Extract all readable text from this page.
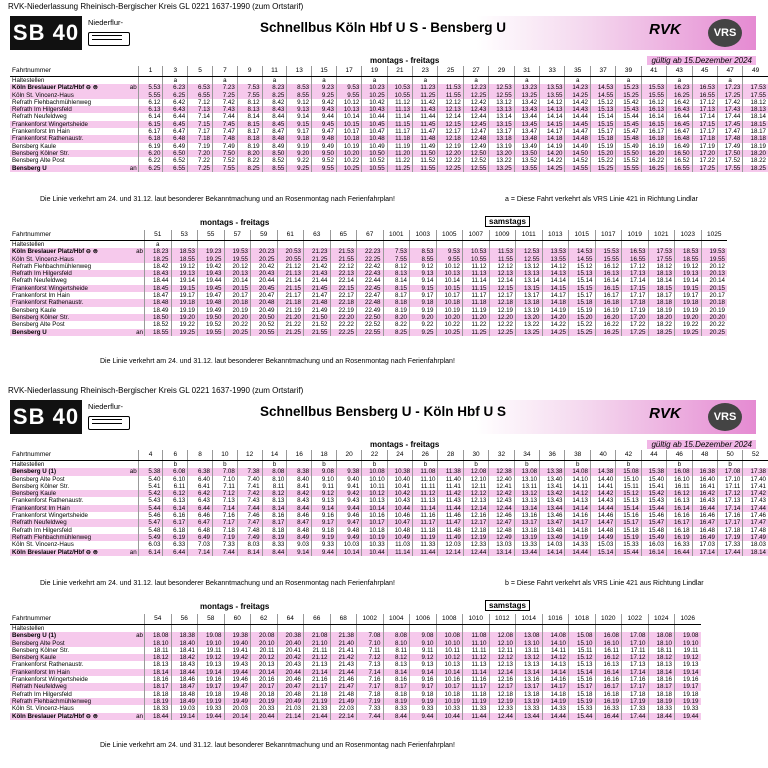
RVK-Niederlassung Rheinisch-Bergischer Kreis GL 0221 1637-1990 (zum Ortstarif)
SB 40	Niederflur-	Schnellbus Köln Hbf U S - Bensberg U	RVK	VRS
gültig ab 15.Dezember 2024
montags - freitags
Fahrtnummer		1	3	5	7	9	11	13	15	17	19	21	23	25	27	29	31	33	35	37	39	41	43	45	47	49
Haltestellen			a		a		a		a		a		a		a		a		a		a		a		a	
Köln Breslauer Platz/Hbf ⊖ ⊜	ab	5.53	6.23	6.53	7.23	7.53	8.23	8.53	9.23	9.53	10.23	10.53	11.23	11.53	12.23	12.53	13.23	13.53	14.23	14.53	15.23	15.53	16.23	16.53	17.23	17.53
Köln St. Vincenz-Haus		5.55	6.25	6.55	7.25	7.55	8.25	8.55	9.25	9.55	10.25	10.55	11.25	11.55	12.25	12.55	13.25	13.55	14.25	14.55	15.25	15.55	16.25	16.55	17.25	17.55
Refrath Flehbachmühlenweg		6.12	6.42	7.12	7.42	8.12	8.42	9.12	9.42	10.12	10.42	11.12	11.42	12.12	12.42	13.12	13.42	14.12	14.42	15.12	15.42	16.12	16.42	17.12	17.42	18.12
Refrath Im Hilgersfeld		6.13	6.43	7.13	7.43	8.13	8.43	9.13	9.43	10.13	10.43	11.13	11.43	12.13	12.43	13.13	13.43	14.13	14.43	15.13	15.43	16.13	16.43	17.13	17.43	18.13
Refrath Neufeldweg		6.14	6.44	7.14	7.44	8.14	8.44	9.14	9.44	10.14	10.44	11.14	11.44	12.14	12.44	13.14	13.44	14.14	14.44	15.14	15.44	16.14	16.44	17.14	17.44	18.14
Frankenforst Wingertsheide		6.15	6.45	7.15	7.45	8.15	8.45	9.15	9.45	10.15	10.45	11.15	11.45	12.15	12.45	13.15	13.45	14.15	14.45	15.15	15.45	16.15	16.45	17.15	17.45	18.15
Frankenforst Im Hain		6.17	6.47	7.17	7.47	8.17	8.47	9.17	9.47	10.17	10.47	11.17	11.47	12.17	12.47	13.17	13.47	14.17	14.47	15.17	15.47	16.17	16.47	17.17	17.47	18.17
Frankenforst Rathenaustr.		6.18	6.48	7.18	7.48	8.18	8.48	9.18	9.48	10.18	10.48	11.18	11.48	12.18	12.48	13.18	13.48	14.18	14.48	15.18	15.48	16.18	16.48	17.18	17.48	18.18
Bensberg Kaule		6.19	6.49	7.19	7.49	8.19	8.49	9.19	9.49	10.19	10.49	11.19	11.49	12.19	12.49	13.19	13.49	14.19	14.49	15.19	15.49	16.19	16.49	17.19	17.49	18.19
Bensberg Kölner Str.		6.20	6.50	7.20	7.50	8.20	8.50	9.20	9.50	10.20	10.50	11.20	11.50	12.20	12.50	13.20	13.50	14.20	14.50	15.20	15.50	16.20	16.50	17.20	17.50	18.20
Bensberg Alte Post		6.22	6.52	7.22	7.52	8.22	8.52	9.22	9.52	10.22	10.52	11.22	11.52	12.22	12.52	13.22	13.52	14.22	14.52	15.22	15.52	16.22	16.52	17.22	17.52	18.22
Bensberg U	an	6.25	6.55	7.25	7.55	8.25	8.55	9.25	9.55	10.25	10.55	11.25	11.55	12.25	12.55	13.25	13.55	14.25	14.55	15.25	15.55	16.25	16.55	17.25	17.55	18.25
Die Linie verkehrt am 24. und 31.12. laut besonderer Bekanntmachung und an Rosenmontag nach Ferienfahrplan!	a = Diese Fahrt verkehrt als VRS Linie 421 in Richtung Lindlar
montags - freitags	samstags
Fahrtnummer		51	53	55	57	59	61	63	65	67	1001	1003	1005	1007	1009	1011	1013	1015	1017	1019	1021	1023	1025
Haltestellen		a																					
Köln Breslauer Platz/Hbf ⊖ ⊜	ab	18.23	18.53	19.23	19.53	20.23	20.53	21.23	21.53	22.23	7.53	8.53	9.53	10.53	11.53	12.53	13.53	14.53	15.53	16.53	17.53	18.53	19.53
Köln St. Vincenz-Haus		18.25	18.55	19.25	19.55	20.25	20.55	21.25	21.55	22.25	7.55	8.55	9.55	10.55	11.55	12.55	13.55	14.55	15.55	16.55	17.55	18.55	19.55
Refrath Flehbachmühlenweg		18.42	19.12	19.42	20.12	20.42	21.12	21.42	22.12	22.42	8.12	9.12	10.12	11.12	12.12	13.12	14.12	15.12	16.12	17.12	18.12	19.12	20.12
Refrath Im Hilgersfeld		18.43	19.13	19.43	20.13	20.43	21.13	21.43	22.13	22.43	8.13	9.13	10.13	11.13	12.13	13.13	14.13	15.13	16.13	17.13	18.13	19.13	20.13
Refrath Neufeldweg		18.44	19.14	19.44	20.14	20.44	21.14	21.44	22.14	22.44	8.14	9.14	10.14	11.14	12.14	13.14	14.14	15.14	16.14	17.14	18.14	19.14	20.14
Frankenforst Wingertsheide		18.45	19.15	19.45	20.15	20.45	21.15	21.45	22.15	22.45	8.15	9.15	10.15	11.15	12.15	13.15	14.15	15.15	16.15	17.15	18.15	19.15	20.15
Frankenforst Im Hain		18.47	19.17	19.47	20.17	20.47	21.17	21.47	22.17	22.47	8.17	9.17	10.17	11.17	12.17	13.17	14.17	15.17	16.17	17.17	18.17	19.17	20.17
Frankenforst Rathenaustr.		18.48	19.18	19.48	20.18	20.48	21.18	21.48	22.18	22.48	8.18	9.18	10.18	11.18	12.18	13.18	14.18	15.18	16.18	17.18	18.18	19.18	20.18
Bensberg Kaule		18.49	19.19	19.49	20.19	20.49	21.19	21.49	22.19	22.49	8.19	9.19	10.19	11.19	12.19	13.19	14.19	15.19	16.19	17.19	18.19	19.19	20.19
Bensberg Kölner Str.		18.50	19.20	19.50	20.20	20.50	21.20	21.50	22.20	22.50	8.20	9.20	10.20	11.20	12.20	13.20	14.20	15.20	16.20	17.20	18.20	19.20	20.20
Bensberg Alte Post		18.52	19.22	19.52	20.22	20.52	21.22	21.52	22.22	22.52	8.22	9.22	10.22	11.22	12.22	13.22	14.22	15.22	16.22	17.22	18.22	19.22	20.22
Bensberg U	an	18.55	19.25	19.55	20.25	20.55	21.25	21.55	22.25	22.55	8.25	9.25	10.25	11.25	12.25	13.25	14.25	15.25	16.25	17.25	18.25	19.25	20.25
Die Linie verkehrt am 24. und 31.12. laut besonderer Bekanntmachung und an Rosenmontag nach Ferienfahrplan!
RVK-Niederlassung Rheinisch-Bergischer Kreis GL 0221 1637-1990 (zum Ortstarif)
SB 40	Niederflur-	Schnellbus Bensberg U - Köln Hbf U S	RVK	VRS
gültig ab 15.Dezember 2024
montags - freitags
Fahrtnummer		4	6	8	10	12	14	16	18	20	22	24	26	28	30	32	34	36	38	40	42	44	46	48	50	52
Haltestellen			b		b		b		b		b		b		b		b		b		b		b		b	
Bensberg U (1)	ab	5.38	6.08	6.38	7.08	7.38	8.08	8.38	9.08	9.38	10.08	10.38	11.08	11.38	12.08	12.38	13.08	13.38	14.08	14.38	15.08	15.38	16.08	16.38	17.08	17.38
Bensberg Alte Post		5.40	6.10	6.40	7.10	7.40	8.10	8.40	9.10	9.40	10.10	10.40	11.10	11.40	12.10	12.40	13.10	13.40	14.10	14.40	15.10	15.40	16.10	16.40	17.10	17.40
Bensberg Kölner Str.		5.41	6.11	6.41	7.11	7.41	8.11	8.41	9.11	9.41	10.11	10.41	11.11	11.41	12.11	12.41	13.11	13.41	14.11	14.41	15.11	15.41	16.11	16.41	17.11	17.41
Bensberg Kaule		5.42	6.12	6.42	7.12	7.42	8.12	8.42	9.12	9.42	10.12	10.42	11.12	11.42	12.12	12.42	13.12	13.42	14.12	14.42	15.12	15.42	16.12	16.42	17.12	17.42
Frankenforst Rathenaustr.		5.43	6.13	6.43	7.13	7.43	8.13	8.43	9.13	9.43	10.13	10.43	11.13	11.43	12.13	12.43	13.13	13.43	14.13	14.43	15.13	15.43	16.13	16.43	17.13	17.43
Frankenforst Im Hain		5.44	6.14	6.44	7.14	7.44	8.14	8.44	9.14	9.44	10.14	10.44	11.14	11.44	12.14	12.44	13.14	13.44	14.14	14.44	15.14	15.44	16.14	16.44	17.14	17.44
Frankenforst Wingertsheide		5.46	6.16	6.46	7.16	7.46	8.16	8.46	9.16	9.46	10.16	10.46	11.16	11.46	12.16	12.46	13.16	13.46	14.16	14.46	15.16	15.46	16.16	16.46	17.16	17.46
Refrath Neufeldweg		5.47	6.17	6.47	7.17	7.47	8.17	8.47	9.17	9.47	10.17	10.47	11.17	11.47	12.17	12.47	13.17	13.47	14.17	14.47	15.17	15.47	16.17	16.47	17.17	17.47
Refrath Im Hilgersfeld		5.48	6.18	6.48	7.18	7.48	8.18	8.48	9.18	9.48	10.18	10.48	11.18	11.48	12.18	12.48	13.18	13.48	14.18	14.48	15.18	15.48	16.18	16.48	17.18	17.48
Refrath Flehbachmühlenweg		5.49	6.19	6.49	7.19	7.49	8.19	8.49	9.19	9.49	10.19	10.49	11.19	11.49	12.19	12.49	13.19	13.49	14.19	14.49	15.19	15.49	16.19	16.49	17.19	17.49
Köln St. Vincenz-Haus		6.03	6.33	7.03	7.33	8.03	8.33	9.03	9.33	10.03	10.33	11.03	11.33	12.03	12.33	13.03	13.33	14.03	14.33	15.03	15.33	16.03	16.33	17.03	17.33	18.03
Köln Breslauer Platz/Hbf ⊖ ⊜	an	6.14	6.44	7.14	7.44	8.14	8.44	9.14	9.44	10.14	10.44	11.14	11.44	12.14	12.44	13.14	13.44	14.14	14.44	15.14	15.44	16.14	16.44	17.14	17.44	18.14
Die Linie verkehrt am 24. und 31.12. laut besonderer Bekanntmachung und an Rosenmontag nach Ferienfahrplan!	b = Diese Fahrt verkehrt als VRS Linie 421 aus Richtung Lindlar
montags - freitags	samstags
Fahrtnummer		54	56	58	60	62	64	66	68	1002	1004	1006	1008	1010	1012	1014	1016	1018	1020	1022	1024	1026
Haltestellen																						
Bensberg U (1)	ab	18.08	18.38	19.08	19.38	20.08	20.38	21.08	21.38	7.08	8.08	9.08	10.08	11.08	12.08	13.08	14.08	15.08	16.08	17.08	18.08	19.08
Bensberg Alte Post		18.10	18.40	19.10	19.40	20.10	20.40	21.10	21.40	7.10	8.10	9.10	10.10	11.10	12.10	13.10	14.10	15.10	16.10	17.10	18.10	19.10
Bensberg Kölner Str.		18.11	18.41	19.11	19.41	20.11	20.41	21.11	21.41	7.11	8.11	9.11	10.11	11.11	12.11	13.11	14.11	15.11	16.11	17.11	18.11	19.11
Bensberg Kaule		18.12	18.42	19.12	19.42	20.12	20.42	21.12	21.42	7.12	8.12	9.12	10.12	11.12	12.12	13.12	14.12	15.12	16.12	17.12	18.12	19.12
Frankenforst Rathenaustr.		18.13	18.43	19.13	19.43	20.13	20.43	21.13	21.43	7.13	8.13	9.13	10.13	11.13	12.13	13.13	14.13	15.13	16.13	17.13	18.13	19.13
Frankenforst Im Hain		18.14	18.44	19.14	19.44	20.14	20.44	21.14	21.44	7.14	8.14	9.14	10.14	11.14	12.14	13.14	14.14	15.14	16.14	17.14	18.14	19.14
Frankenforst Wingertsheide		18.16	18.46	19.16	19.46	20.16	20.46	21.16	21.46	7.16	8.16	9.16	10.16	11.16	12.16	13.16	14.16	15.16	16.16	17.16	18.16	19.16
Refrath Neufeldweg		18.17	18.47	19.17	19.47	20.17	20.47	21.17	21.47	7.17	8.17	9.17	10.17	11.17	12.17	13.17	14.17	15.17	16.17	17.17	18.17	19.17
Refrath Im Hilgersfeld		18.18	18.48	19.18	19.48	20.18	20.48	21.18	21.48	7.18	8.18	9.18	10.18	11.18	12.18	13.18	14.18	15.18	16.18	17.18	18.18	19.18
Refrath Flehbachmühlenweg		18.19	18.49	19.19	19.49	20.19	20.49	21.19	21.49	7.19	8.19	9.19	10.19	11.19	12.19	13.19	14.19	15.19	16.19	17.19	18.19	19.19
Köln St. Vincenz-Haus		18.33	19.03	19.33	20.03	20.33	21.03	21.33	22.03	7.33	8.33	9.33	10.33	11.33	12.33	13.33	14.33	15.33	16.33	17.33	18.33	19.33
Köln Breslauer Platz/Hbf ⊖ ⊜	an	18.44	19.14	19.44	20.14	20.44	21.14	21.44	22.14	7.44	8.44	9.44	10.44	11.44	12.44	13.44	14.44	15.44	16.44	17.44	18.44	19.44
Die Linie verkehrt am 24. und 31.12. laut besonderer Bekanntmachung und an Rosenmontag nach Ferienfahrplan!
